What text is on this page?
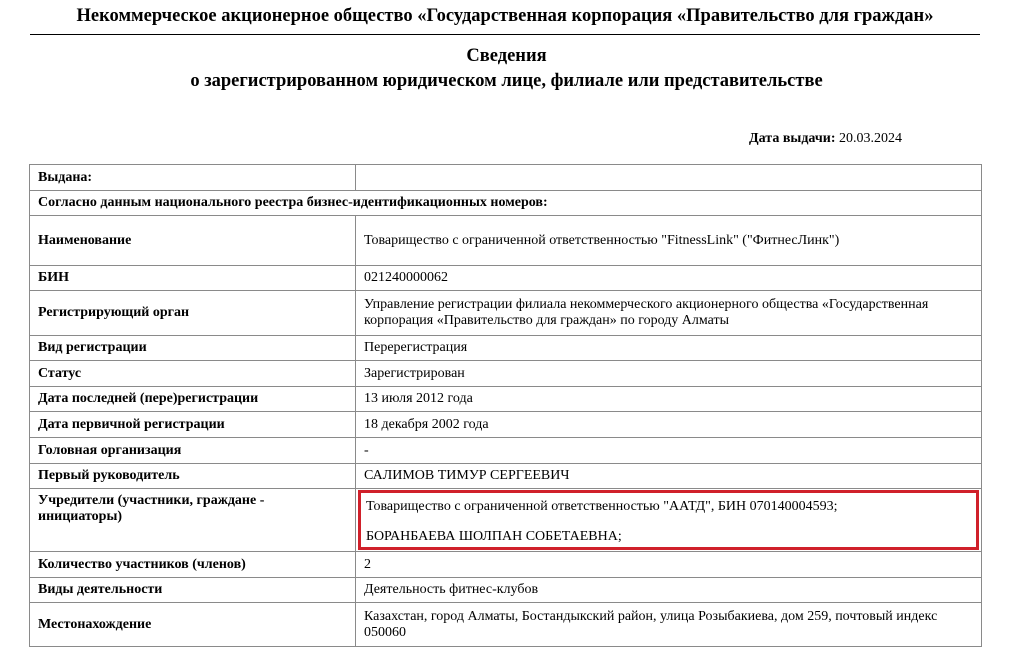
Некоммерческое акционерное общество «Государственная корпорация «Правительство для граждан»
Сведения
о зарегистрированном юридическом лице, филиале или представительстве
Дата выдачи: 20.03.2024
Выдана:	
Согласно данным национального реестра бизнес-идентификационных номеров:	
Наименование	Товарищество с ограниченной ответственностью "FitnessLink" ("ФитнесЛинк")
БИН	021240000062
Регистрирующий орган	Управление регистрации филиала некоммерческого акционерного общества «Государственная корпорация «Правительство для граждан» по городу Алматы
Вид регистрации	Перерегистрация
Статус	Зарегистрирован
Дата последней (пере)регистрации	13 июля 2012 года
Дата первичной регистрации	18 декабря 2002 года
Головная организация	-
Первый руководитель	САЛИМОВ ТИМУР СЕРГЕЕВИЧ
Учредители (участники, граждане - инициаторы)	Товарищество с ограниченной ответственностью "ААТД", БИН 070140004593;
БОРАНБАЕВА ШОЛПАН СОБЕТАЕВНА;

Количество участников (членов)	2
Виды деятельности	Деятельность фитнес-клубов
Местонахождение	Казахстан, город Алматы, Бостандыкский район, улица Розыбакиева, дом 259, почтовый индекс 050060
